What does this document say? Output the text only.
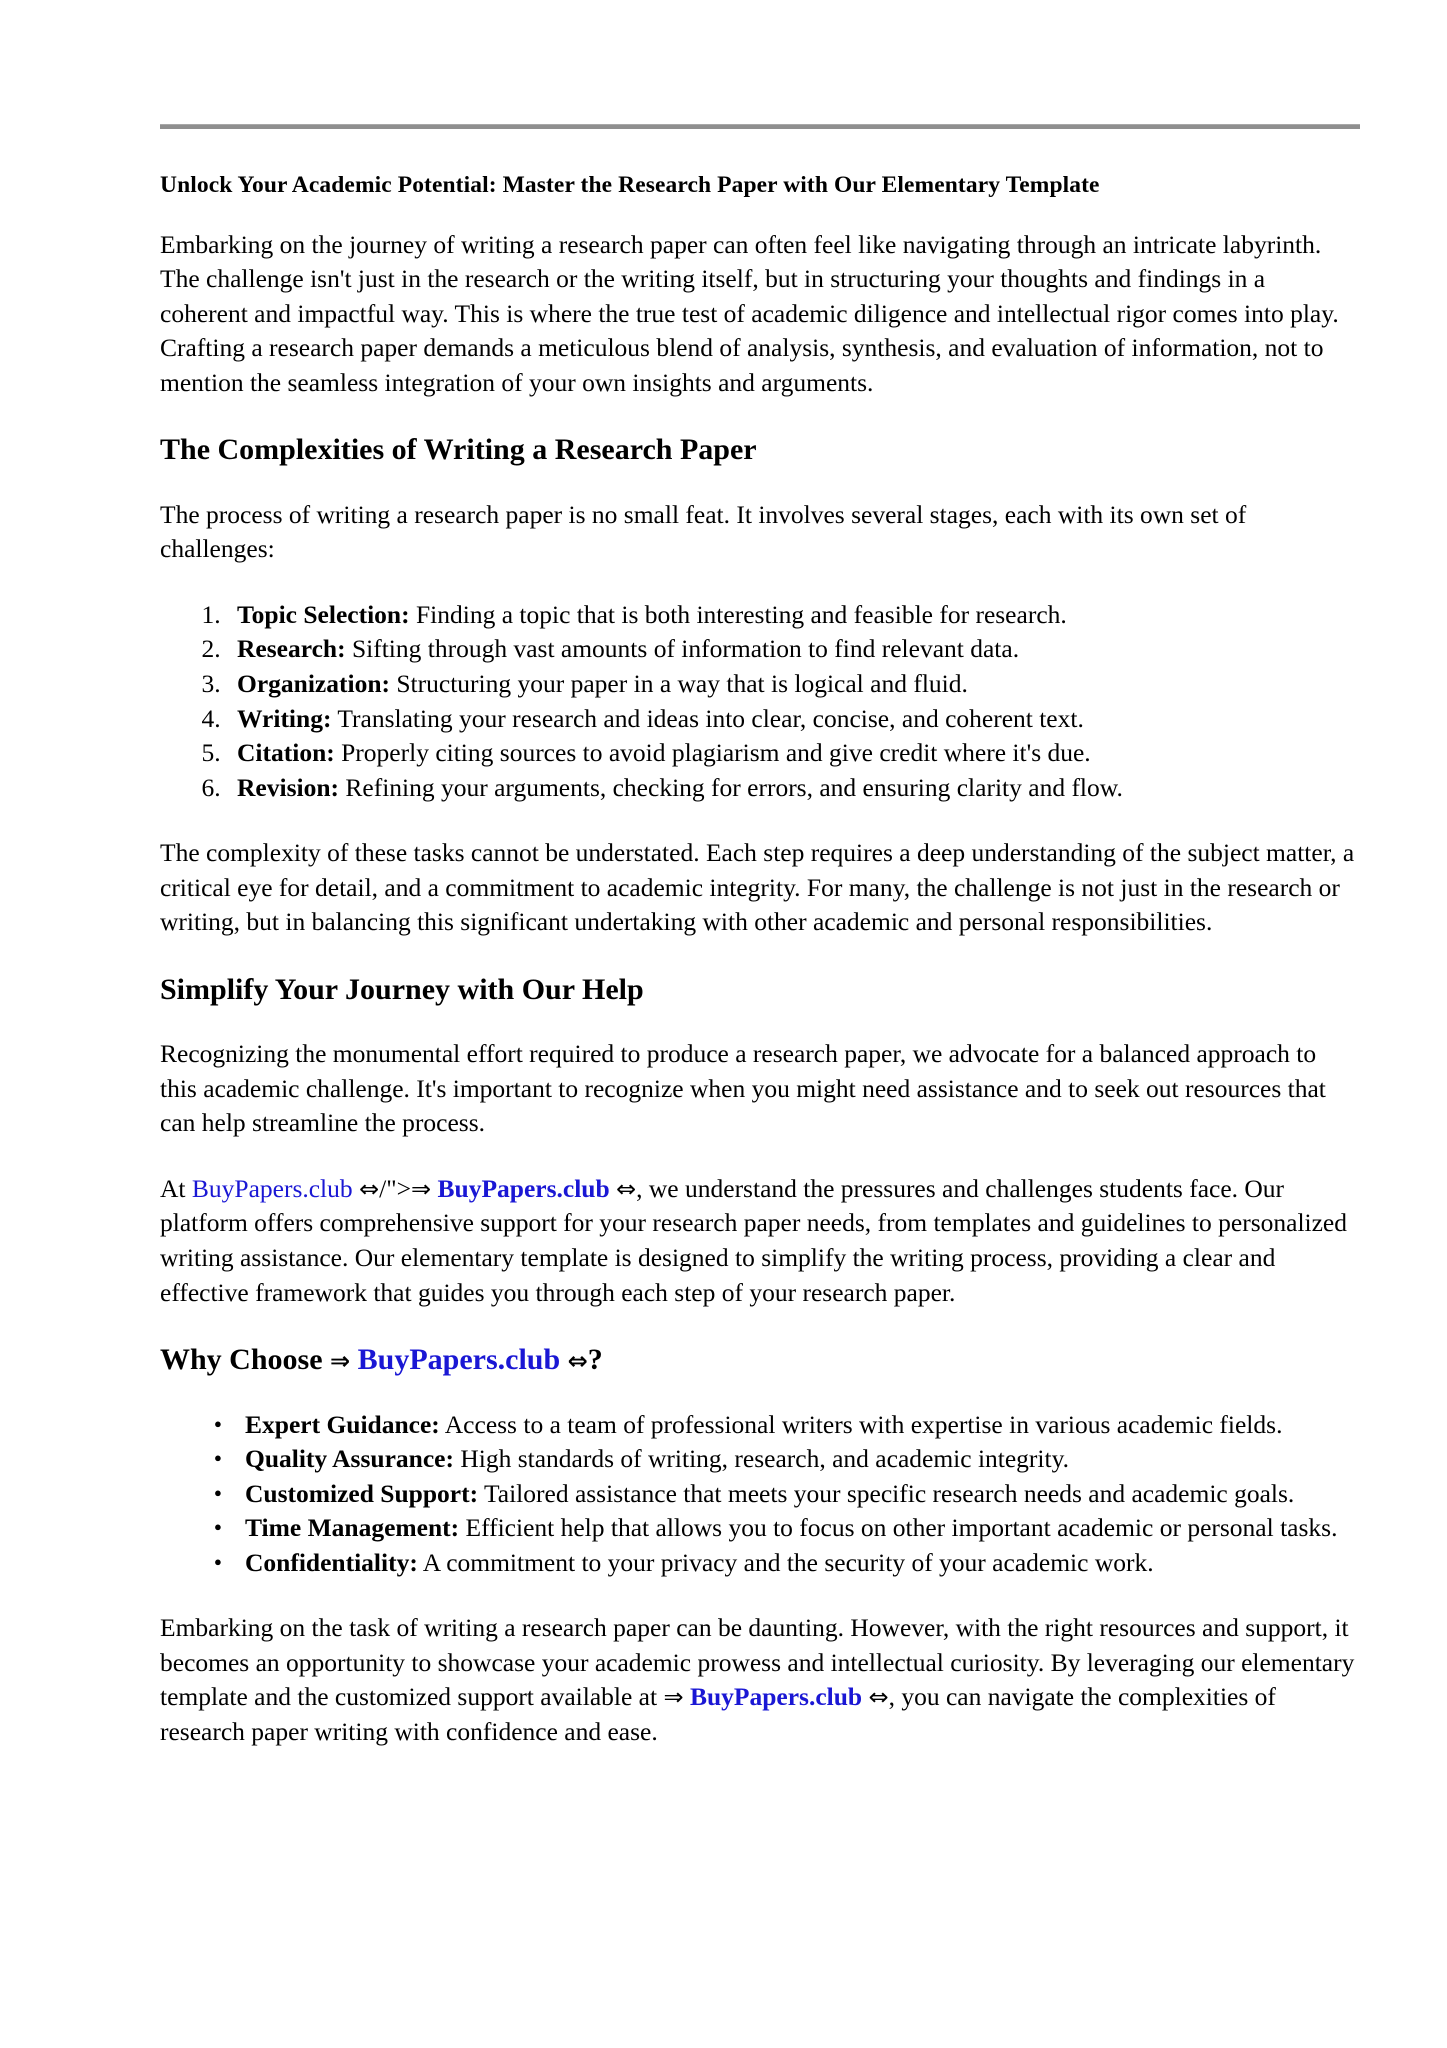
Unlock Your Academic Potential: Master the Research Paper with Our Elementary Template

Embarking on the journey of writing a research paper can often feel like navigating through an intricate labyrinth. The challenge isn't just in the research or the writing itself, but in structuring your thoughts and findings in a coherent and impactful way. This is where the true test of academic diligence and intellectual rigor comes into play. Crafting a research paper demands a meticulous blend of analysis, synthesis, and evaluation of information, not to mention the seamless integration of your own insights and arguments.

The Complexities of Writing a Research Paper

The process of writing a research paper is no small feat. It involves several stages, each with its own set of challenges:

1. Topic Selection: Finding a topic that is both interesting and feasible for research.
2. Research: Sifting through vast amounts of information to find relevant data.
3. Organization: Structuring your paper in a way that is logical and fluid.
4. Writing: Translating your research and ideas into clear, concise, and coherent text.
5. Citation: Properly citing sources to avoid plagiarism and give credit where it's due.
6. Revision: Refining your arguments, checking for errors, and ensuring clarity and flow.

The complexity of these tasks cannot be understated. Each step requires a deep understanding of the subject matter, a critical eye for detail, and a commitment to academic integrity. For many, the challenge is not just in the research or writing, but in balancing this significant undertaking with other academic and personal responsibilities.

Simplify Your Journey with Our Help

Recognizing the monumental effort required to produce a research paper, we advocate for a balanced approach to this academic challenge. It's important to recognize when you might need assistance and to seek out resources that can help streamline the process.

At BuyPapers.club ⇔/">⇒ BuyPapers.club ⇔, we understand the pressures and challenges students face. Our platform offers comprehensive support for your research paper needs, from templates and guidelines to personalized writing assistance. Our elementary template is designed to simplify the writing process, providing a clear and effective framework that guides you through each step of your research paper.

Why Choose ⇒ BuyPapers.club ⇔?
● Expert Guidance: Access to a team of professional writers with expertise in various academic fields.
● Quality Assurance: High standards of writing, research, and academic integrity.
● Customized Support: Tailored assistance that meets your specific research needs and academic goals.
● Time Management: Efficient help that allows you to focus on other important academic or personal tasks.
● Confidentiality: A commitment to your privacy and the security of your academic work.

Embarking on the task of writing a research paper can be daunting. However, with the right resources and support, it becomes an opportunity to showcase your academic prowess and intellectual curiosity. By leveraging our elementary template and the customized support available at ⇒ BuyPapers.club ⇔, you can navigate the complexities of research paper writing with confidence and ease.
